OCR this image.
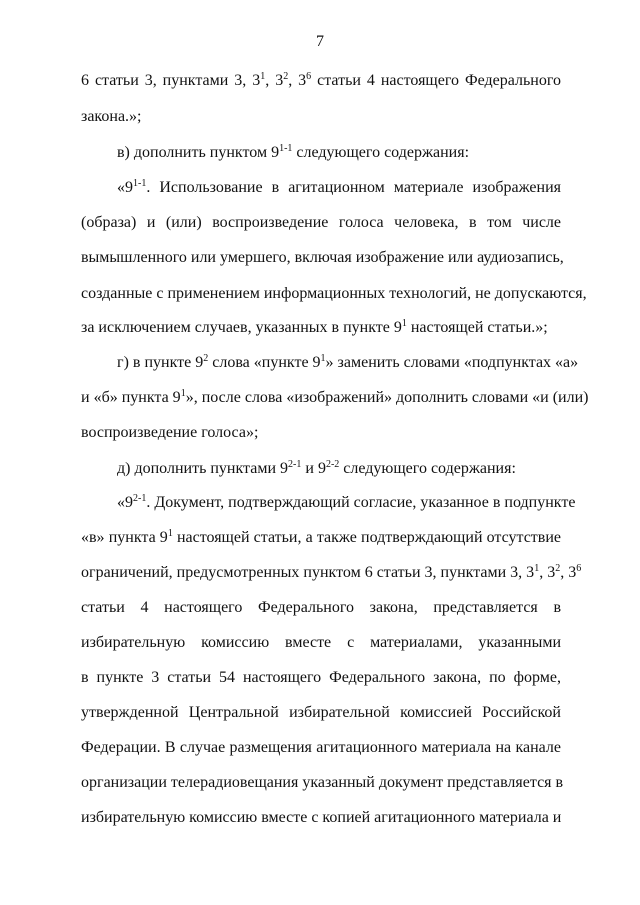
7
6 статьи 3, пунктами 3, $3^1$, $3^2$, $3^6$ статьи 4 настоящего Федерального
закона.»;
в) дополнить пунктом 9$^{1-1}$ следующего содержания:
«9$^{1-1}$. Использование в агитационном материале изображения
(образа) и (или) воспроизведение голоса человека, в том числе
вымышленного или умершего, включая изображение или аудиозапись,
созданные с применением информационных технологий, не допускаются,
за исключением случаев, указанных в пункте $9^1$ настоящей статьи.»;
г) в пункте $9^2$ слова «пункте $9^1$» заменить словами «подпунктах «а»
и «б» пункта $9^1$», после слова «изображений» дополнить словами «и (или)
воспроизведение голоса»;
д) дополнить пунктами 9$^{2-1}$ и 9$^{2-2}$ следующего содержания:
«9$^{2-1}$. Документ, подтверждающий согласие, указанное в подпункте
«в» пункта $9^1$ настоящей статьи, а также подтверждающий отсутствие
ограничений, предусмотренных пунктом 6 статьи 3, пунктами 3, $3^1$, $3^2$, $3^6$
статьи 4 настоящего Федерального закона, представляется в
избирательную комиссию вместе с материалами, указанными
в пункте 3 статьи 54 настоящего Федерального закона, по форме,
утвержденной Центральной избирательной комиссией Российской
Федерации. В случае размещения агитационного материала на канале
организации телерадиовещания указанный документ представляется в
избирательную комиссию вместе с копией агитационного материала и
